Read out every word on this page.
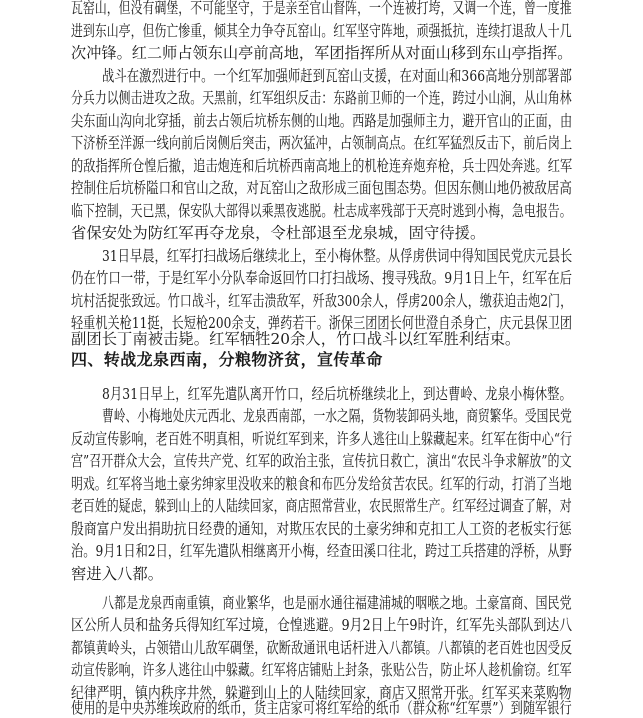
瓦窑山，但没有碉堡，不可能坚守，于是亲至官山督阵，一个连被打垮，又调一个连，曾一度推
进到东山亭，但伤亡惨重，倾其全力争夺瓦窑山。红军坚守阵地，顽强抵抗，连续打退敌人十几
次冲锋。红二师占领东山亭前高地，军团指挥所从对面山移到东山亭指挥。
战斗在激烈进行中。一个红军加强师赶到瓦窑山支援，在对面山和366高地分别部署部
分兵力以侧击进攻之敌。天黑前，红军组织反击：东路前卫师的一个连，跨过小山涧，从山角林
尖东面山沟向北穿插，前去占领后坑桥东侧的山地。西路是加强师主力，避开官山的正面，由
下济桥至洋源一线向前后岗侧后突击，两次猛冲，占领制高点。在红军猛烈反击下，前后岗上
的敌指挥所仓惶后撤，追击炮连和后坑桥西南高地上的机枪连弃炮弃枪，兵士四处奔逃。红军
控制住后坑桥隘口和官山之敌，对瓦窑山之敌形成三面包围态势。但因东侧山地仍被敌居高
临下控制，天已黑，保安队大部得以乘黑夜逃脱。杜志成率残部于天亮时逃到小梅，急电报告。
省保安处为防红军再夺龙泉，令杜部退至龙泉城，固守待援。
31日早晨，红军打扫战场后继续北上，至小梅休整。从俘虏供词中得知国民党庆元县长
仍在竹口一带，于是红军小分队奉命返回竹口打扫战场、搜寻残敌。9月1日上午，红军在后
坑村活捉张致远。竹口战斗，红军击溃敌军，歼敌300余人，俘虏200余人，缴获迫击炮2门，
轻重机关枪11挺，长短枪200余支，弹药若干。浙保三团团长何世澄自杀身亡，庆元县保卫团
副团长丁南被击毙。红军牺牲20余人，竹口战斗以红军胜利结束。
四、转战龙泉西南，分粮物济贫，宣传革命
8月31日早上，红军先遣队离开竹口，经后坑桥继续北上，到达曹岭、龙泉小梅休整。
曹岭、小梅地处庆元西北、龙泉西南部，一水之隔，货物装卸码头地，商贸繁华。受国民党
反动宣传影响，老百姓不明真相，听说红军到来，许多人逃往山上躲藏起来。红军在街中心“行
宫”召开群众大会，宣传共产党、红军的政治主张，宣传抗日救亡，演出“农民斗争求解放”的文
明戏。红军将当地土豪劣绅家里没收来的粮食和布匹分发给贫苦农民。红军的行动，打消了当地
老百姓的疑虑，躲到山上的人陆续回家，商店照常营业，农民照常生产。红军经过调查了解，对
殷商富户发出捐助抗日经费的通知，对欺压农民的土豪劣绅和克扣工人工资的老板实行惩
治。9月1日和2日，红军先遣队相继离开小梅，经查田溪口往北，跨过工兵搭建的浮桥，从野
窖进入八都。
八都是龙泉西南重镇，商业繁华，也是丽水通往福建浦城的咽喉之地。土豪富商、国民党
区公所人员和盐务兵得知红军过境，仓惶逃避。9月2日上午9时许，红军先头部队到达八
都镇黄岭头，占领错山儿敌军碉堡，砍断敌通讯电话杆进入八都镇。八都镇的老百姓也因受反
动宣传影响，许多人逃往山中躲藏。红军将店铺贴上封条，张贴公告，防止坏人趁机偷窃。红军
纪律严明，镇内秩序井然，躲避到山上的人陆续回家，商店又照常开张。红军买来菜购物
使用的是中央苏维埃政府的纸币，货主店家可将红军给的纸币（群众称“红军票”）到随军银行
